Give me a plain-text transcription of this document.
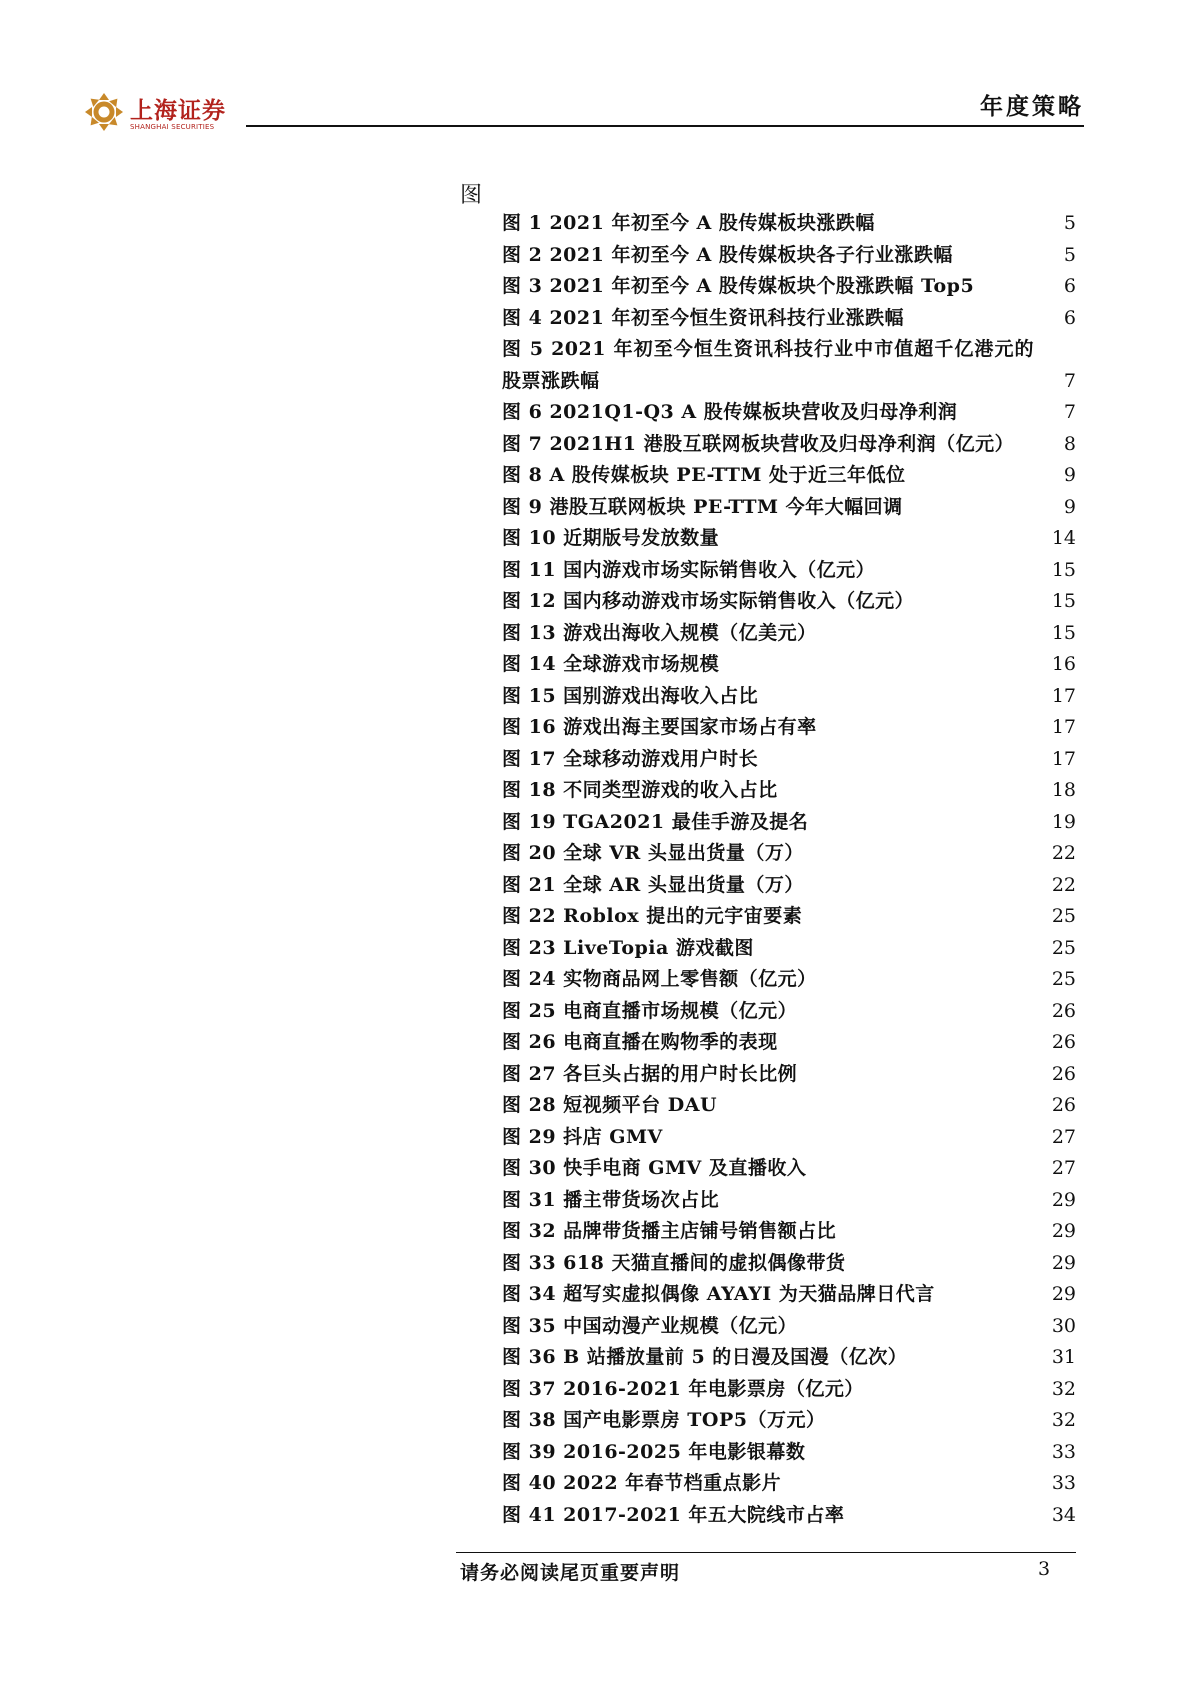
上海证券
SHANGHAI SECURITIES
年度策略
图
图 1 2021 年初至今 A 股传媒板块涨跌幅	5
图 2 2021 年初至今 A 股传媒板块各子行业涨跌幅	5
图 3 2021 年初至今 A 股传媒板块个股涨跌幅 Top5	6
图 4 2021 年初至今恒生资讯科技行业涨跌幅	6
图 5 2021 年初至今恒生资讯科技行业中市值超千亿港元的股票涨跌幅	7
图 6 2021Q1-Q3 A 股传媒板块营收及归母净利润	7
图 7 2021H1 港股互联网板块营收及归母净利润（亿元）	8
图 8 A 股传媒板块 PE-TTM 处于近三年低位	9
图 9 港股互联网板块 PE-TTM 今年大幅回调	9
图 10 近期版号发放数量	14
图 11 国内游戏市场实际销售收入（亿元）	15
图 12 国内移动游戏市场实际销售收入（亿元）	15
图 13 游戏出海收入规模（亿美元）	15
图 14 全球游戏市场规模	16
图 15 国别游戏出海收入占比	17
图 16 游戏出海主要国家市场占有率	17
图 17 全球移动游戏用户时长	17
图 18 不同类型游戏的收入占比	18
图 19 TGA2021 最佳手游及提名	19
图 20 全球 VR 头显出货量（万）	22
图 21 全球 AR 头显出货量（万）	22
图 22 Roblox 提出的元宇宙要素	25
图 23 LiveTopia 游戏截图	25
图 24 实物商品网上零售额（亿元）	25
图 25 电商直播市场规模（亿元）	26
图 26 电商直播在购物季的表现	26
图 27 各巨头占据的用户时长比例	26
图 28 短视频平台 DAU	26
图 29 抖店 GMV	27
图 30 快手电商 GMV 及直播收入	27
图 31 播主带货场次占比	29
图 32 品牌带货播主店铺号销售额占比	29
图 33 618 天猫直播间的虚拟偶像带货	29
图 34 超写实虚拟偶像 AYAYI 为天猫品牌日代言	29
图 35 中国动漫产业规模（亿元）	30
图 36 B 站播放量前 5 的日漫及国漫（亿次）	31
图 37 2016-2021 年电影票房（亿元）	32
图 38 国产电影票房 TOP5（万元）	32
图 39 2016-2025 年电影银幕数	33
图 40 2022 年春节档重点影片	33
图 41 2017-2021 年五大院线市占率	34
请务必阅读尾页重要声明	3
